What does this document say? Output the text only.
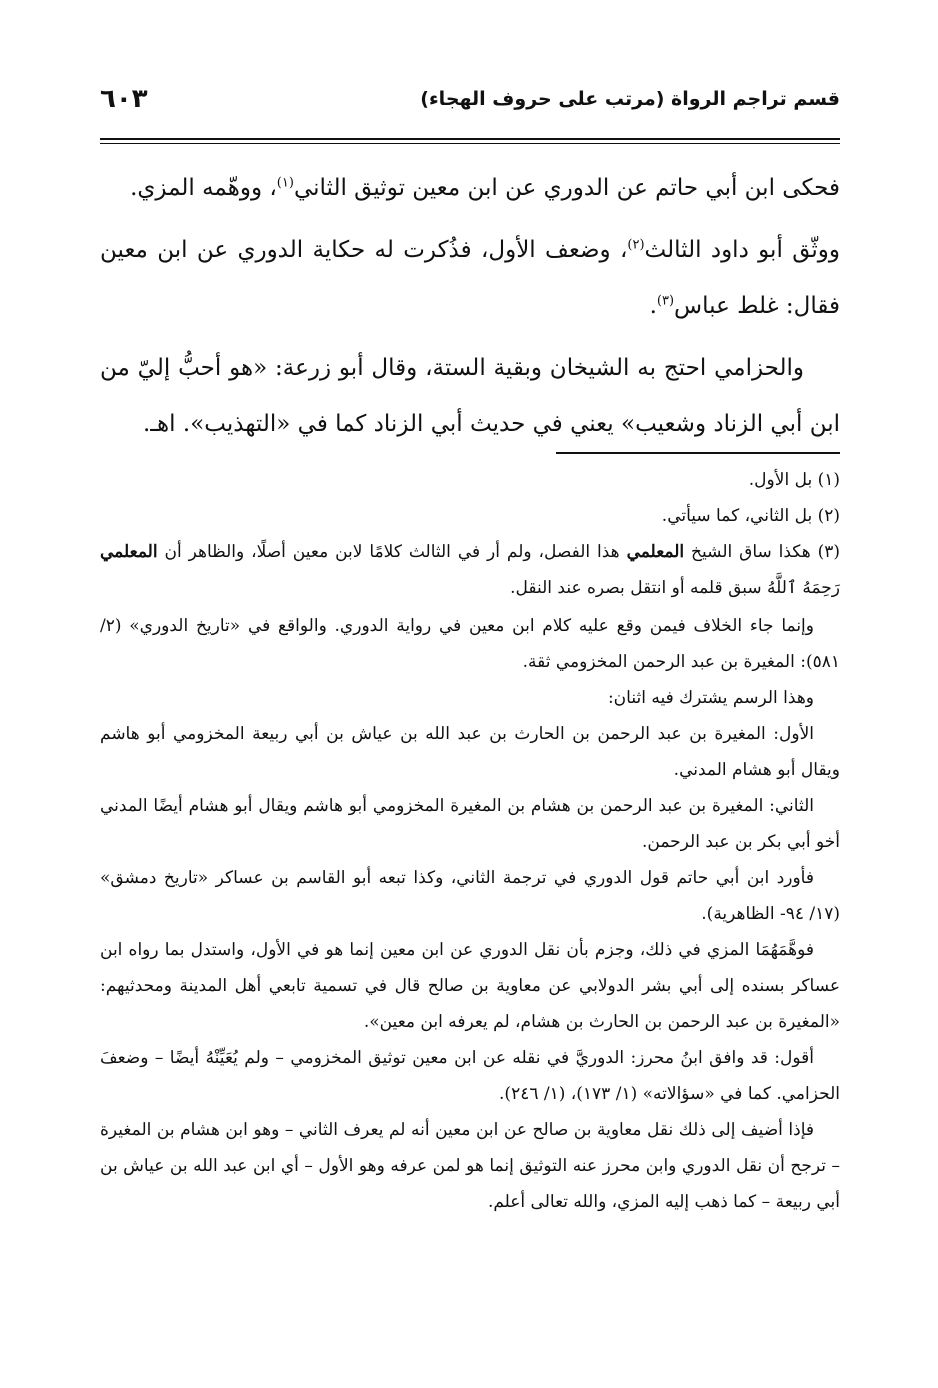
قسم تراجم الرواة (مرتب على حروف الهجاء)
٦٠٣

فحكى ابن أبي حاتم عن الدوري عن ابن معين توثيق الثاني$^{(١)}$، ووهّمه المزي.

ووثّق أبو داود الثالث$^{(٢)}$، وضعف الأول، فذُكرت له حكاية الدوري عن ابن معين فقال: غلط عباس$^{(٣)}$.

والحزامي احتج به الشيخان وبقية الستة، وقال أبو زرعة: «هو أحبُّ إليّ من ابن أبي الزناد وشعيب» يعني في حديث أبي الزناد كما في «التهذيب». اهـ.

(١) بل الأول.

(٢) بل الثاني، كما سيأتي.

(٣) هكذا ساق الشيخ المعلمي هذا الفصل، ولم أر في الثالث كلامًا لابن معين أصلًا، والظاهر أن المعلمي رَحِمَهُ ٱللَّهُ سبق قلمه أو انتقل بصره عند النقل.

وإنما جاء الخلاف فيمن وقع عليه كلام ابن معين في رواية الدوري. والواقع في «تاريخ الدوري» (٢/ ٥٨١): المغيرة بن عبد الرحمن المخزومي ثقة.

وهذا الرسم يشترك فيه اثنان:

الأول: المغيرة بن عبد الرحمن بن الحارث بن عبد الله بن عياش بن أبي ربيعة المخزومي أبو هاشم ويقال أبو هشام المدني.

الثاني: المغيرة بن عبد الرحمن بن هشام بن المغيرة المخزومي أبو هاشم ويقال أبو هشام أيضًا المدني أخو أبي بكر بن عبد الرحمن.

فأورد ابن أبي حاتم قول الدوري في ترجمة الثاني، وكذا تبعه أبو القاسم بن عساكر «تاريخ دمشق» (١٧/ ٩٤- الظاهرية).

فوهَّمَهُمَا المزي في ذلك، وجزم بأن نقل الدوري عن ابن معين إنما هو في الأول، واستدل بما رواه ابن عساكر بسنده إلى أبي بشر الدولابي عن معاوية بن صالح قال في تسمية تابعي أهل المدينة ومحدثيهم: «المغيرة بن عبد الرحمن بن الحارث بن هشام، لم يعرفه ابن معين».

أقول: قد وافق ابنُ محرز: الدوريَّ في نقله عن ابن معين توثيق المخزومي – ولم يُعَيِّنْهُ أيضًا – وضعفَ الحزامي. كما في «سؤالاته» (١/ ١٧٣)، (١/ ٢٤٦).

فإذا أضيف إلى ذلك نقل معاوية بن صالح عن ابن معين أنه لم يعرف الثاني – وهو ابن هشام بن المغيرة – ترجح أن نقل الدوري وابن محرز عنه التوثيق إنما هو لمن عرفه وهو الأول – أي ابن عبد الله بن عياش بن أبي ربيعة – كما ذهب إليه المزي، والله تعالى أعلم.
